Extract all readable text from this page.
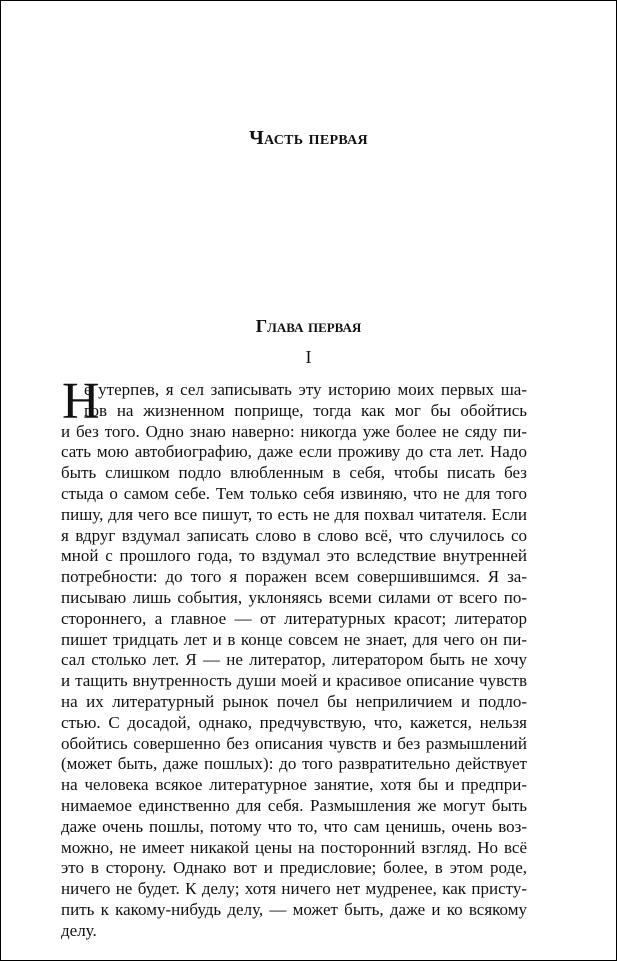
Часть первая
Глава первая
I
Н
е утерпев, я сел записывать эту историю моих первых ша-
гов на жизненном поприще, тогда как мог бы обойтись
и без того. Одно знаю наверно: никогда уже более не сяду пи-
сать мою автобиографию, даже если проживу до ста лет. Надо
быть слишком подло влюбленным в себя, чтобы писать без
стыда о самом себе. Тем только себя извиняю, что не для того
пишу, для чего все пишут, то есть не для похвал читателя. Если
я вдруг вздумал записать слово в слово всё, что случилось со
мной с прошлого года, то вздумал это вследствие внутренней
потребности: до того я поражен всем совершившимся. Я за-
писываю лишь события, уклоняясь всеми силами от всего по-
стороннего, а главное — от литературных красот; литератор
пишет тридцать лет и в конце совсем не знает, для чего он пи-
сал столько лет. Я — не литератор, литератором быть не хочу
и тащить внутренность души моей и красивое описание чувств
на их литературный рынок почел бы неприличием и подло-
стью. С досадой, однако, предчувствую, что, кажется, нельзя
обойтись совершенно без описания чувств и без размышлений
(может быть, даже пошлых): до того развратительно действует
на человека всякое литературное занятие, хотя бы и предпри-
нимаемое единственно для себя. Размышления же могут быть
даже очень пошлы, потому что то, что сам ценишь, очень воз-
можно, не имеет никакой цены на посторонний взгляд. Но всё
это в сторону. Однако вот и предисловие; более, в этом роде,
ничего не будет. К делу; хотя ничего нет мудренее, как присту-
пить к какому-нибудь делу, — может быть, даже и ко всякому
делу.
